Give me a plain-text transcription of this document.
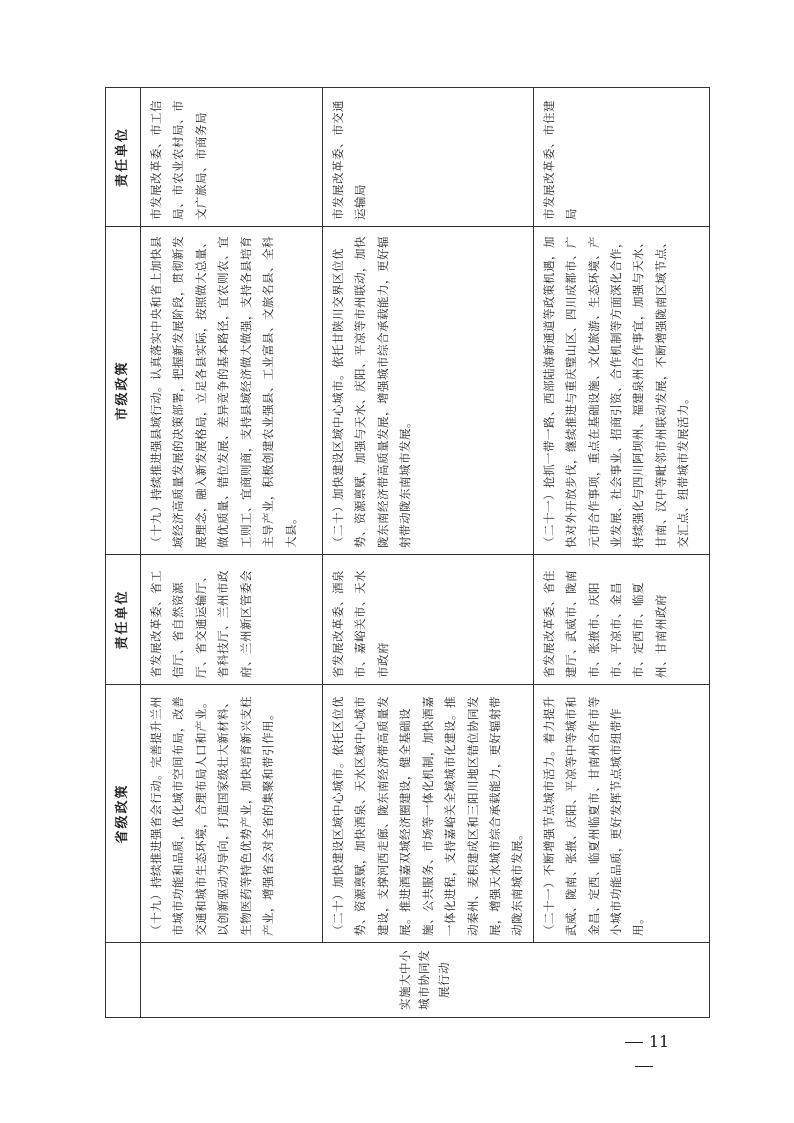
	省级政策	责任单位	市级政策	责任单位

实施大中小城市协同发展行动	（十九）持续推进强省会行动。完善提升兰州市城市功能和品质，优化城市空间布局，改善交通和城市生态环境，合理布局人口和产业。以创新驱动为导向，打造国家级壮大新材料、生物医药等特色优势产业，加快培育新兴支柱产业，增强省会对全省的集聚和带引作用。	省发展改革委、省工信厅、省自然资源厅、省交通运输厅、省科技厅、兰州市政府、兰州新区管委会	（十九）持续推进强县域行动。认真落实中央和省上加快县域经济高质量发展的决策部署，把握新发展阶段，贯彻新发展理念，融入新发展格局，立足各县实际，按照做大总量、做优质量、错位发展、差异竞争的基本路径，宜农则农、宜工则工、宜商则商，支持县域经济做大做强，支持各县培育主导产业，积极创建农业强县、工业富县、文旅名县、全科大县。	市发展改革委、市工信局、市农业农村局、市文广旅局、市商务局
	（二十）加快建设区域中心城市。依托区位优势、资源禀赋，加快酒泉、天水区域中心城市建设，支撑河西走廊、陇东南经济带高质量发展。推进酒嘉双城经济圈建设，健全基础设施、公共服务、市场等一体化机制，加快酒嘉一体化进程，支持嘉峪关全域城市化建设。推动秦州、麦积建成区和三阳川地区错位协同发展，增强天水城市综合承载能力，更好辐射带动陇东南城市发展。	省发展改革委、酒泉市、嘉峪关市、天水市政府	（二十）加快建设区域中心城市。依托甘陕川交界区位优势、资源禀赋，加强与天水、庆阳、平凉等市州联动，加快陇东南经济带高质量发展，增强城市综合承载能力，更好辐射带动陇东南城市发展。	市发展改革委、市交通运输局
	（二十一）不断增强节点城市活力。着力提升武威、陇南、张掖、庆阳、平凉等中等城市和金昌、定西、临夏州临夏市、甘南州合作市等小城市功能品质，更好发挥节点城市纽带作用。	省发展改革委、省住建厅、武威市、陇南市、张掖市、庆阳市、平凉市、金昌市、定西市、临夏州、甘南州政府	（二十一）抢抓一带一路、西部陆海新通道等政策机遇，加快对外开放步伐，继续推进与重庆璧山区、四川成都市、广元市合作事项，重点在基础设施、文化旅游、生态环境、产业发展、社会事业、招商引资、合作机制等方面深化合作，持续强化与四川阿坝州、福建泉州合作事宜，加强与天水、甘南、汉中等毗邻市州联动发展，不断增强陇南区域节点、交汇点、纽带城市发展活力。	市发展改革委、市住建局
11
